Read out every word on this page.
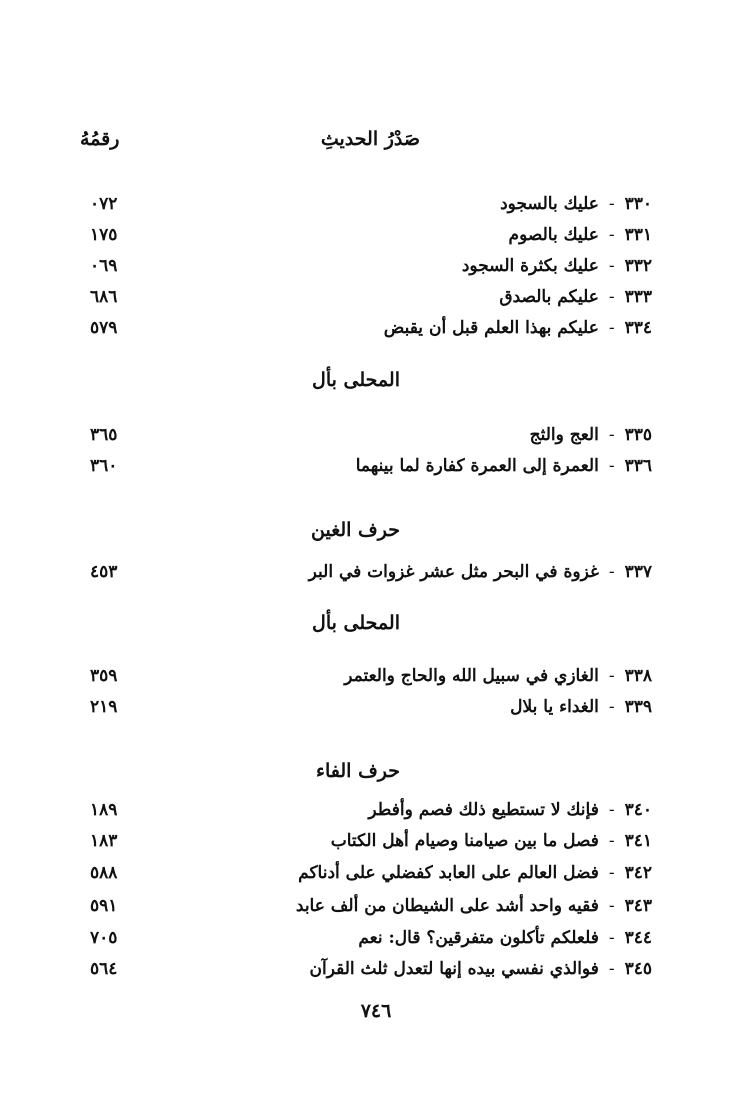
صَدْرُ الحديثِ
رقمُهُ
٣٣٠-عليك بالسجود
٠٧٢
٣٣١-عليك بالصوم
١٧٥
٣٣٢-عليك بكثرة السجود
٠٦٩
٣٣٣-عليكم بالصدق
٦٨٦
٣٣٤-عليكم بهذا العلم قبل أن يقبض
٥٧٩
المحلى بأل
٣٣٥-العج والثج
٣٦٥
٣٣٦-العمرة إلى العمرة كفارة لما بينهما
٣٦٠
حرف الغين
٣٣٧-غزوة في البحر مثل عشر غزوات في البر
٤٥٣
المحلى بأل
٣٣٨-الغازي في سبيل الله والحاج والعتمر
٣٥٩
٣٣٩-الغداء يا بلال
٢١٩
حرف الفاء
٣٤٠-فإنك لا تستطيع ذلك فصم وأفطر
١٨٩
٣٤١-فصل ما بين صيامنا وصيام أهل الكتاب
١٨٣
٣٤٢-فضل العالم على العابد كفضلي على أدناكم
٥٨٨
٣٤٣-فقيه واحد أشد على الشيطان من ألف عابد
٥٩١
٣٤٤-فلعلكم تأكلون متفرقين؟ قال: نعم
٧٠٥
٣٤٥-فوالذي نفسي بيده إنها لتعدل ثلث القرآن
٥٦٤
٧٤٦
